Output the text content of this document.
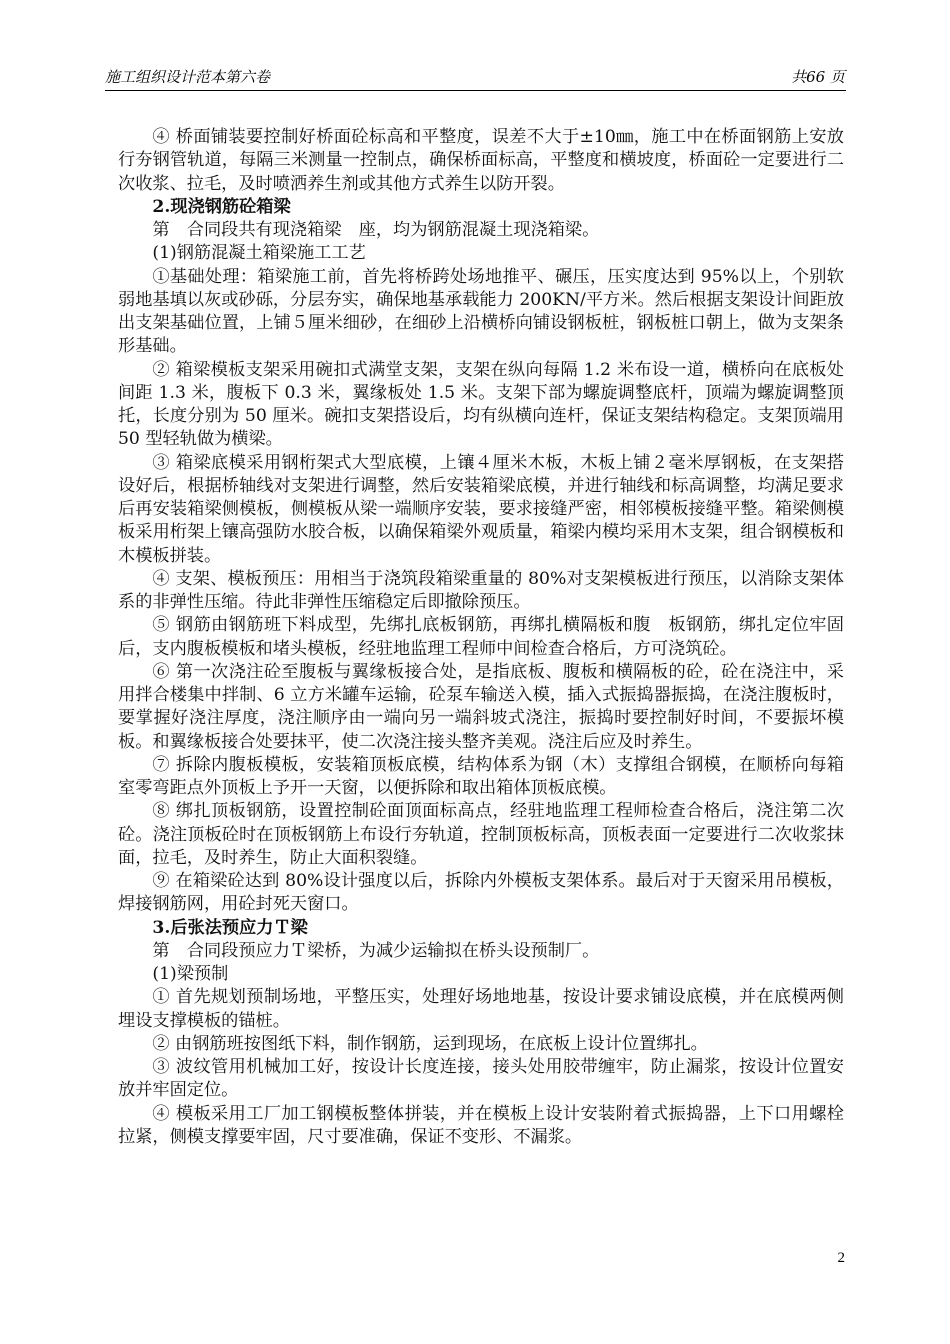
施工组织设计范本第六卷	共66 页

④ 桥面铺装要控制好桥面砼标高和平整度，误差不大于±10㎜，施工中在桥面钢筋上安放行夯钢管轨道，每隔三米测量一控制点，确保桥面标高，平整度和横坡度，桥面砼一定要进行二次收浆、拉毛，及时喷洒养生剂或其他方式养生以防开裂。

2.现浇钢筋砼箱梁

第　合同段共有现浇箱梁　座，均为钢筋混凝土现浇箱梁。

(1)钢筋混凝土箱梁施工工艺

①基础处理：箱梁施工前，首先将桥跨处场地推平、碾压，压实度达到 95%以上，个别软弱地基填以灰或砂砾，分层夯实，确保地基承载能力 200KN/平方米。然后根据支架设计间距放出支架基础位置，上铺５厘米细砂，在细砂上沿横桥向铺设钢板桩，钢板桩口朝上，做为支架条形基础。

② 箱梁模板支架采用碗扣式满堂支架，支架在纵向每隔 1.2 米布设一道，横桥向在底板处间距 1.3 米，腹板下 0.3 米，翼缘板处 1.5 米。支架下部为螺旋调整底杆，顶端为螺旋调整顶托，长度分别为 50 厘米。碗扣支架搭设后，均有纵横向连杆，保证支架结构稳定。支架顶端用 50 型轻轨做为横梁。

③ 箱梁底模采用钢桁架式大型底模，上镶４厘米木板，木板上铺２毫米厚钢板，在支架搭设好后，根据桥轴线对支架进行调整，然后安装箱梁底模，并进行轴线和标高调整，均满足要求后再安装箱梁侧模板，侧模板从梁一端顺序安装，要求接缝严密，相邻模板接缝平整。箱梁侧模板采用桁架上镶高强防水胶合板，以确保箱梁外观质量，箱梁内模均采用木支架，组合钢模板和木模板拼装。

④ 支架、模板预压：用相当于浇筑段箱梁重量的 80%对支架模板进行预压，以消除支架体系的非弹性压缩。待此非弹性压缩稳定后即撤除预压。

⑤ 钢筋由钢筋班下料成型，先绑扎底板钢筋，再绑扎横隔板和腹　板钢筋，绑扎定位牢固后，支内腹板模板和堵头模板，经驻地监理工程师中间检查合格后，方可浇筑砼。

⑥ 第一次浇注砼至腹板与翼缘板接合处，是指底板、腹板和横隔板的砼，砼在浇注中，采用拌合楼集中拌制、6 立方米罐车运输，砼泵车输送入模，插入式振捣器振捣，在浇注腹板时，要掌握好浇注厚度，浇注顺序由一端向另一端斜坡式浇注，振捣时要控制好时间，不要振坏模板。和翼缘板接合处要抹平，使二次浇注接头整齐美观。浇注后应及时养生。

⑦ 拆除内腹板模板，安装箱顶板底模，结构体系为钢（木）支撑组合钢模，在顺桥向每箱室零弯距点外顶板上予开一天窗，以便拆除和取出箱体顶板底模。

⑧ 绑扎顶板钢筋，设置控制砼面顶面标高点，经驻地监理工程师检查合格后，浇注第二次砼。浇注顶板砼时在顶板钢筋上布设行夯轨道，控制顶板标高，顶板表面一定要进行二次收浆抹面，拉毛，及时养生，防止大面积裂缝。

⑨ 在箱梁砼达到 80%设计强度以后，拆除内外模板支架体系。最后对于天窗采用吊模板，焊接钢筋网，用砼封死天窗口。

3.后张法预应力Ｔ梁

第　合同段预应力Ｔ梁桥，为减少运输拟在桥头设预制厂。

(1)梁预制

① 首先规划预制场地，平整压实，处理好场地地基，按设计要求铺设底模，并在底模两侧埋设支撑模板的锚桩。

② 由钢筋班按图纸下料，制作钢筋，运到现场，在底板上设计位置绑扎。

③ 波纹管用机械加工好，按设计长度连接，接头处用胶带缠牢，防止漏浆，按设计位置安放并牢固定位。

④ 模板采用工厂加工钢模板整体拼装，并在模板上设计安装附着式振捣器，上下口用螺栓拉紧，侧模支撑要牢固，尺寸要准确，保证不变形、不漏浆。

2
